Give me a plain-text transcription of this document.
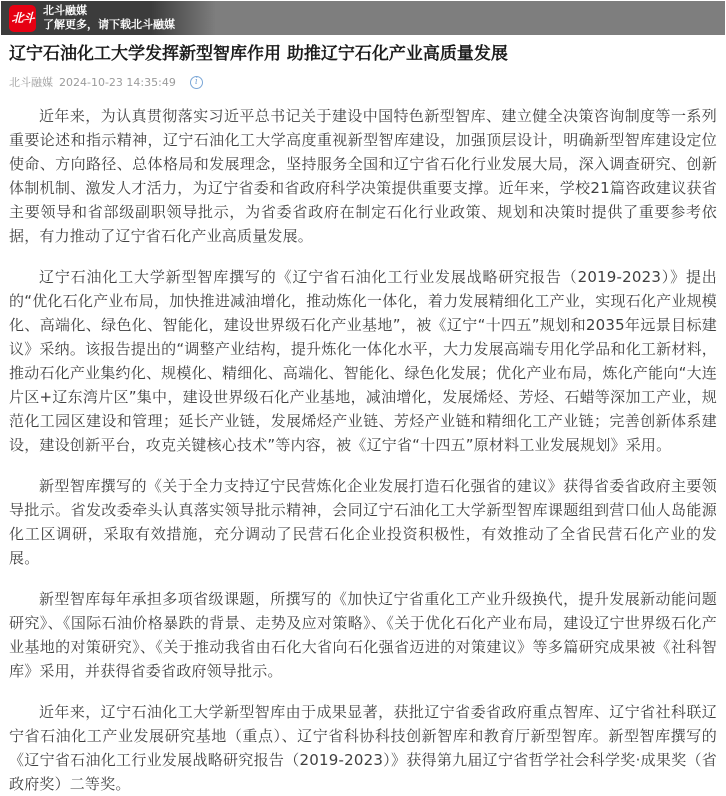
北斗 北斗融媒
了解更多，请下载北斗融媒
辽宁石油化工大学发挥新型智库作用 助推辽宁石化产业高质量发展
北斗融媒 2024-10-23 14:35:49	i

近年来，为认真贯彻落实习近平总书记关于建设中国特色新型智库、建立健全决策咨询制度等一系列重要论述和指示精神，辽宁石油化工大学高度重视新型智库建设，加强顶层设计，明确新型智库建设定位使命、方向路径、总体格局和发展理念，坚持服务全国和辽宁省石化行业发展大局，深入调查研究、创新体制机制、激发人才活力，为辽宁省委和省政府科学决策提供重要支撑。近年来，学校21篇咨政建议获省主要领导和省部级副职领导批示，为省委省政府在制定石化行业政策、规划和决策时提供了重要参考依据，有力推动了辽宁省石化产业高质量发展。

辽宁石油化工大学新型智库撰写的《辽宁省石油化工行业发展战略研究报告（2019-2023）》提出的“优化石化产业布局，加快推进减油增化，推动炼化一体化，着力发展精细化工产业，实现石化产业规模化、高端化、绿色化、智能化，建设世界级石化产业基地”，被《辽宁“十四五”规划和2035年远景目标建议》采纳。该报告提出的“调整产业结构，提升炼化一体化水平，大力发展高端专用化学品和化工新材料，推动石化产业集约化、规模化、精细化、高端化、智能化、绿色化发展；优化产业布局，炼化产能向“大连片区+辽东湾片区”集中，建设世界级石化产业基地，减油增化，发展烯烃、芳烃、石蜡等深加工产业，规范化工园区建设和管理；延长产业链，发展烯烃产业链、芳烃产业链和精细化工产业链；完善创新体系建设，建设创新平台，攻克关键核心技术”等内容，被《辽宁省“十四五”原材料工业发展规划》采用。

新型智库撰写的《关于全力支持辽宁民营炼化企业发展打造石化强省的建议》获得省委省政府主要领导批示。省发改委牵头认真落实领导批示精神，会同辽宁石油化工大学新型智库课题组到营口仙人岛能源化工区调研，采取有效措施，充分调动了民营石化企业投资积极性，有效推动了全省民营石化产业的发展。

新型智库每年承担多项省级课题，所撰写的《加快辽宁省重化工产业升级换代，提升发展新动能问题研究》、《国际石油价格暴跌的背景、走势及应对策略》、《关于优化石化产业布局，建设辽宁世界级石化产业基地的对策研究》、《关于推动我省由石化大省向石化强省迈进的对策建议》等多篇研究成果被《社科智库》采用，并获得省委省政府领导批示。

近年来，辽宁石油化工大学新型智库由于成果显著，获批辽宁省委省政府重点智库、辽宁省社科联辽宁省石油化工产业发展研究基地（重点）、辽宁省科协科技创新智库和教育厅新型智库。新型智库撰写的《辽宁省石油化工行业发展战略研究报告（2019-2023）》获得第九届辽宁省哲学社会科学奖·成果奖（省政府奖）二等奖。
